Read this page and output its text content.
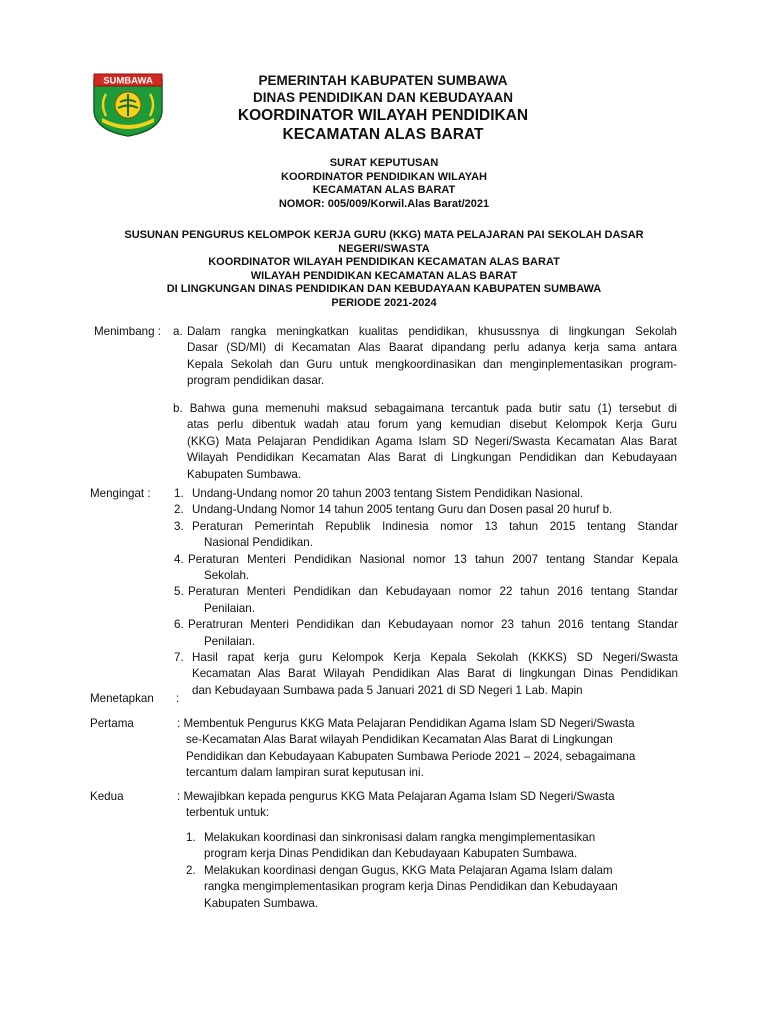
SUMBAWA	PEMERINTAH KABUPATEN SUMBAWA
DINAS PENDIDIKAN DAN KEBUDAYAAN
KOORDINATOR WILAYAH PENDIDIKAN
KECAMATAN ALAS BARAT
SURAT KEPUTUSAN
KOORDINATOR PENDIDIKAN WILAYAH
KECAMATAN ALAS BARAT
NOMOR: 005/009/Korwil.Alas Barat/2021
SUSUNAN PENGURUS KELOMPOK KERJA GURU (KKG) MATA PELAJARAN PAI SEKOLAH DASAR
NEGERI/SWASTA
KOORDINATOR WILAYAH PENDIDIKAN KECAMATAN ALAS BARAT
WILAYAH PENDIDIKAN KECAMATAN ALAS BARAT
DI LINGKUNGAN DINAS PENDIDIKAN DAN KEBUDAYAAN KABUPATEN SUMBAWA
PERIODE 2021-2024
Menimbang : a. Dalam rangka meningkatkan kualitas pendidikan, khusussnya di lingkungan Sekolah
Dasar (SD/MI) di Kecamatan Alas Baarat dipandang perlu adanya kerja sama antara
Kepala Sekolah dan Guru untuk mengkoordinasikan dan menginplementasikan program-
program pendidikan dasar.
b. Bahwa guna memenuhi maksud sebagaimana tercantuk pada butir satu (1) tersebut di
atas perlu dibentuk wadah atau forum yang kemudian disebut Kelompok Kerja Guru
(KKG) Mata Pelajaran Pendidikan Agama Islam SD Negeri/Swasta Kecamatan Alas Barat
Wilayah Pendidikan Kecamatan Alas Barat di Lingkungan Pendidikan dan Kebudayaan
Kabupaten Sumbawa.
Mengingat : 1. Undang-Undang nomor 20 tahun 2003 tentang Sistem Pendidikan Nasional.
2. Undang-Undang Nomor 14 tahun 2005 tentang Guru dan Dosen pasal 20 huruf b.
3. Peraturan Pemerintah Republik Indinesia nomor 13 tahun 2015 tentang Standar
Nasional Pendidikan.
4. Peraturan Menteri Pendidikan Nasional nomor 13 tahun 2007 tentang Standar Kepala
Sekolah.
5. Peraturan Menteri Pendidikan dan Kebudayaan nomor 22 tahun 2016 tentang Standar
Penilaian.
6. Peratruran Menteri Pendidikan dan Kebudayaan nomor 23 tahun 2016 tentang Standar
Penilaian.
7. Hasil rapat kerja guru Kelompok Kerja Kepala Sekolah (KKKS) SD Negeri/Swasta
Kecamatan Alas Barat Wilayah Pendidikan Alas Barat di lingkungan Dinas Pendidikan
dan Kebudayaan Sumbawa pada 5 Januari 2021 di SD Negeri 1 Lab. Mapin
Menetapkan :
Pertama	: Membentuk Pengurus KKG Mata Pelajaran Pendidikan Agama Islam SD Negeri/Swasta
se-Kecamatan Alas Barat wilayah Pendidikan Kecamatan Alas Barat di Lingkungan
Pendidikan dan Kebudayaan Kabupaten Sumbawa Periode 2021 – 2024, sebagaimana
tercantum dalam lampiran surat keputusan ini.
Kedua	: Mewajibkan kepada pengurus KKG Mata Pelajaran Agama Islam SD Negeri/Swasta
terbentuk untuk:
1. Melakukan koordinasi dan sinkronisasi dalam rangka mengimplementasikan
program kerja Dinas Pendidikan dan Kebudayaan Kabupaten Sumbawa.
2. Melakukan koordinasi dengan Gugus, KKG Mata Pelajaran Agama Islam dalam
rangka mengimplementasikan program kerja Dinas Pendidikan dan Kebudayaan
Kabupaten Sumbawa.
